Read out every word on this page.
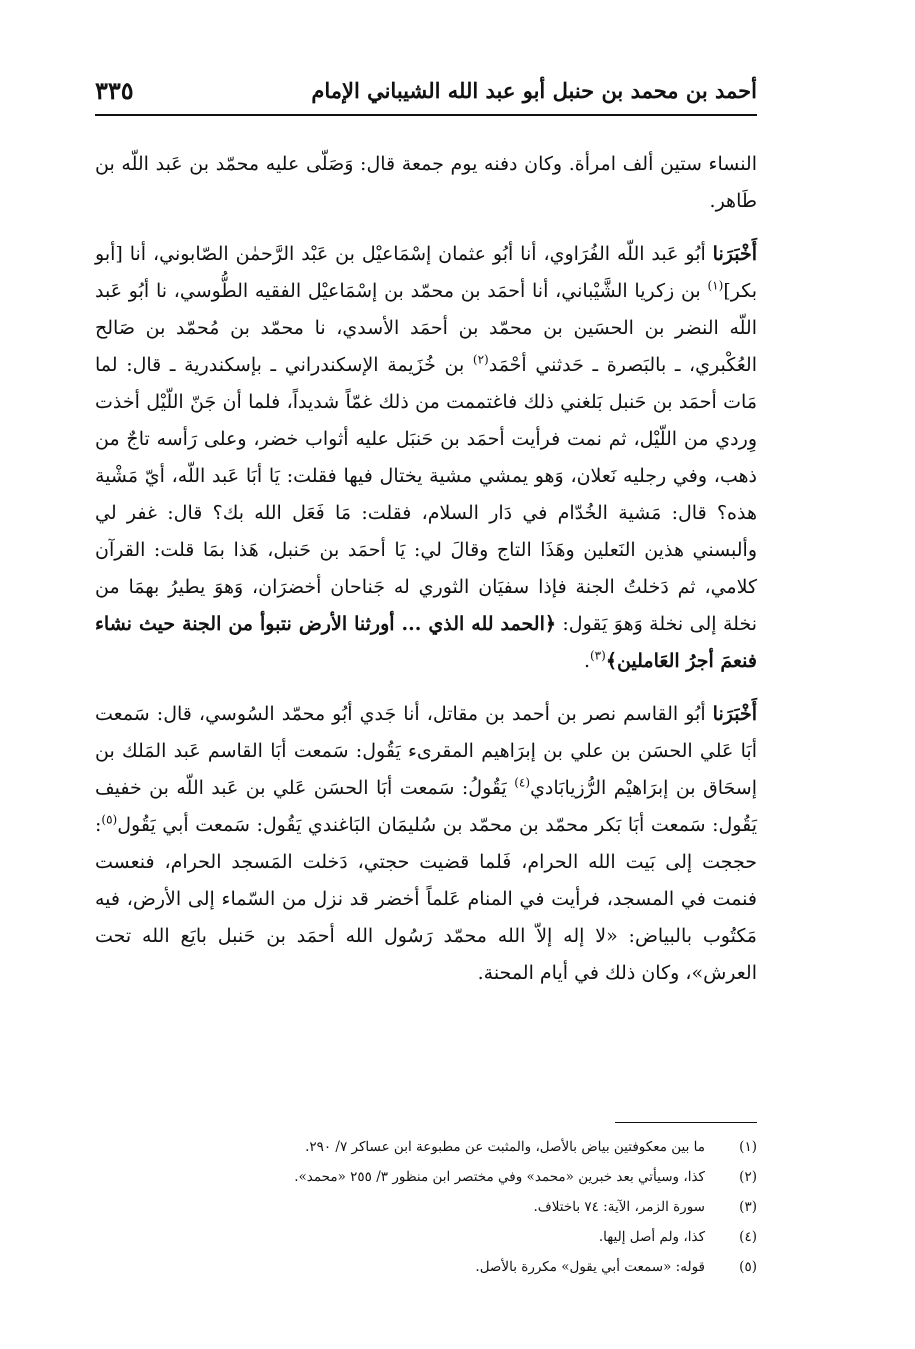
أحمد بن محمد بن حنبل أبو عبد الله الشيباني الإمام
٣٣٥

النساء ستين ألف امرأة. وكان دفنه يوم جمعة قال: وَصَلّى عليه محمّد بن عَبد اللّه بن طَاهر.

أَخْبَرَنا أبُو عَبد اللّه الفُرَاوي، أنا أبُو عثمان إسْمَاعيْل بن عَبْد الرَّحمٰن الصّابوني، أنا [أبو بكر]$^{(١)}$ بن زكريا الشَّيْباني، أنا أحمَد بن محمّد بن إسْمَاعيْل الفقيه الطُّوسي، نا أبُو عَبد اللّه النضر بن الحسَين بن محمّد بن أحمَد الأسدي، نا محمّد بن مُحمّد بن صَالح العُكْبري، ـ بالبَصرة ـ حَدثني أحْمَد$^{(٢)}$ بن خُزَيمة الإسكندراني ـ بإسكندرية ـ قال: لما مَات أحمَد بن حَنبل بَلغني ذلك فاغتممت من ذلك غمّاً شديداً، فلما أن جَنّ اللّيْل أخذت وِردي من اللّيْل، ثم نمت فرأيت أحمَد بن حَنبَل عليه أثواب خضر، وعلى رَأسه تاجٌ من ذهب، وفي رجليه نَعلان، وَهو يمشي مشية يختال فيها فقلت: يَا أبَا عَبد اللّه، أيّ مَشْية هذه؟ قال: مَشية الخُدّام في دَار السلام، فقلت: مَا فَعَل الله بك؟ قال: غفر لي وألبسني هذين النَعلين وهَذَا التاج وقالَ لي: يَا أحمَد بن حَنبل، هَذا بمَا قلت: القرآن كلامي، ثم دَخلتُ الجنة فإذا سفيَان الثوري له جَناحان أخضرَان، وَهوَ يطيرُ بهمَا من نخلة إلى نخلة وَهوَ يَقول: ﴿الحمد لله الذي ... أورثنا الأرض نتبوأ من الجنة حيث نشاء فنعمَ أجرُ العَاملين﴾$^{(٣)}$.

أَخْبَرَنا أبُو القاسم نصر بن أحمد بن مقاتل، أنا جَدي أبُو محمّد السُوسي، قال: سَمعت أبَا عَلي الحسَن بن علي بن إبرَاهيم المقرىء يَقُول: سَمعت أبَا القاسم عَبد المَلك بن إسحَاق بن إبرَاهيْم الرُّزيابَادي$^{(٤)}$ يَقُولُ: سَمعت أبَا الحسَن عَلي بن عَبد اللّه بن خفيف يَقُول: سَمعت أبَا بَكر محمّد بن محمّد بن سُليمَان البَاغندي يَقُول: سَمعت أبي يَقُول$^{(٥)}$: حججت إلى بَيت الله الحرام، فَلما قضيت حجتي، دَخلت المَسجد الحرام، فنعست فنمت في المسجد، فرأيت في المنام عَلماً أخضر قد نزل من السّماء إلى الأرض، فيه مَكتُوب بالبياض: «لا إله إلاّ الله محمّد رَسُول الله أحمَد بن حَنبل بايَع الله تحت العرش»، وكان ذلك في أيام المحنة.

(١)
ما بين معكوفتين بياض بالأصل، والمثبت عن مطبوعة ابن عساكر ٧/ ٢٩٠.
(٢)
كذا، وسيأتي بعد خبرين «محمد» وفي مختصر ابن منظور ٣/ ٢٥٥ «محمد».
(٣)
سورة الزمر، الآية: ٧٤ باختلاف.
(٤)
كذا، ولم أصل إليها.
(٥)
قوله: «سمعت أبي يقول» مكررة بالأصل.
